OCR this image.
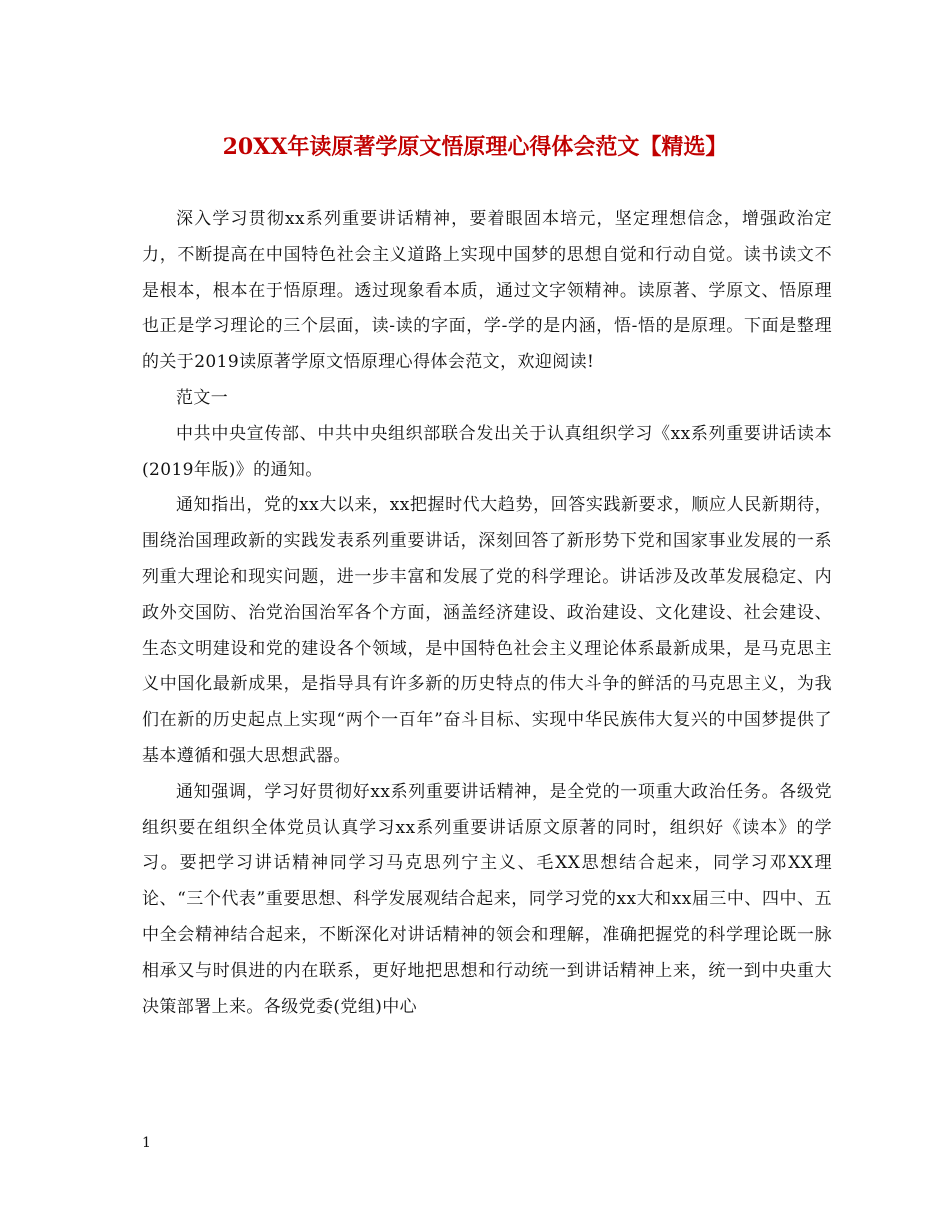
20XX年读原著学原文悟原理心得体会范文【精选】

深入学习贯彻xx系列重要讲话精神，要着眼固本培元，坚定理想信念，增强政治定力，不断提高在中国特色社会主义道路上实现中国梦的思想自觉和行动自觉。读书读文不是根本，根本在于悟原理。透过现象看本质，通过文字领精神。读原著、学原文、悟原理也正是学习理论的三个层面，读-读的字面，学-学的是内涵，悟-悟的是原理。下面是整理的关于2019读原著学原文悟原理心得体会范文，欢迎阅读!

范文一

中共中央宣传部、中共中央组织部联合发出关于认真组织学习《xx系列重要讲话读本(2019年版)》的通知。

通知指出，党的xx大以来，xx把握时代大趋势，回答实践新要求，顺应人民新期待，围绕治国理政新的实践发表系列重要讲话，深刻回答了新形势下党和国家事业发展的一系列重大理论和现实问题，进一步丰富和发展了党的科学理论。讲话涉及改革发展稳定、内政外交国防、治党治国治军各个方面，涵盖经济建设、政治建设、文化建设、社会建设、生态文明建设和党的建设各个领域，是中国特色社会主义理论体系最新成果，是马克思主义中国化最新成果，是指导具有许多新的历史特点的伟大斗争的鲜活的马克思主义，为我们在新的历史起点上实现“两个一百年”奋斗目标、实现中华民族伟大复兴的中国梦提供了基本遵循和强大思想武器。

通知强调，学习好贯彻好xx系列重要讲话精神，是全党的一项重大政治任务。各级党组织要在组织全体党员认真学习xx系列重要讲话原文原著的同时，组织好《读本》的学习。要把学习讲话精神同学习马克思列宁主义、毛XX思想结合起来，同学习邓XX理论、“三个代表”重要思想、科学发展观结合起来，同学习党的xx大和xx届三中、四中、五中全会精神结合起来，不断深化对讲话精神的领会和理解，准确把握党的科学理论既一脉相承又与时俱进的内在联系，更好地把思想和行动统一到讲话精神上来，统一到中央重大决策部署上来。各级党委(党组)中心

1
